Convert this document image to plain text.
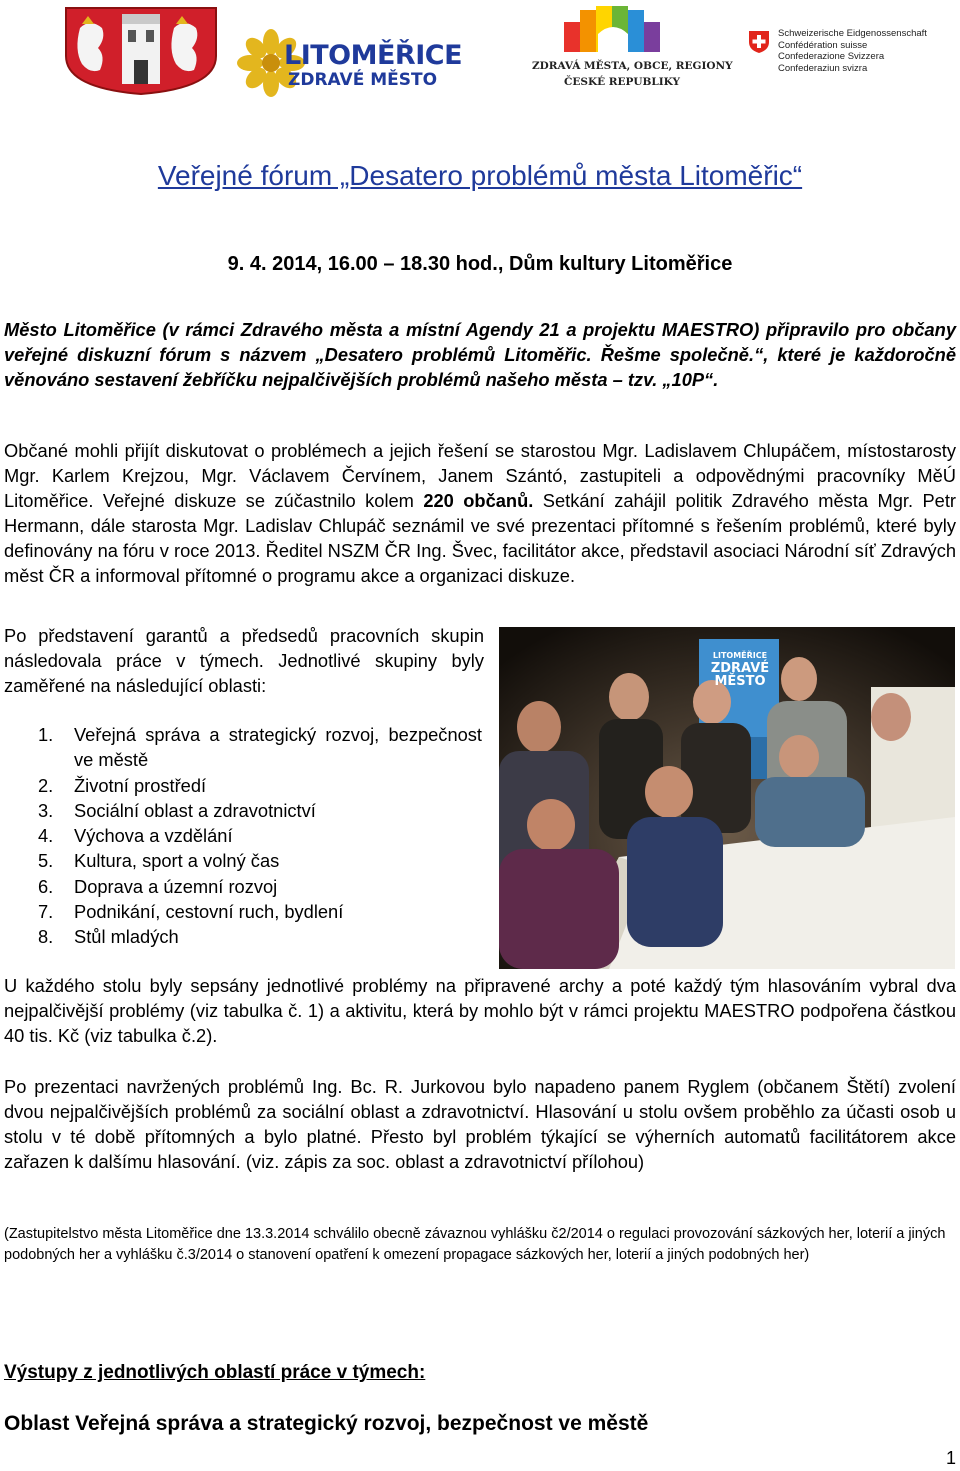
LITOMĚŘICE
ZDRAVÉ MĚSTO
ZDRAVÁ MĚSTA, OBCE, REGIONY
ČESKÉ REPUBLIKY
Schweizerische Eidgenossenschaft
Confédération suisse
Confederazione Svizzera
Confederaziun svizra
Veřejné fórum „Desatero problémů města Litoměřic“
9. 4. 2014, 16.00 – 18.30 hod., Dům kultury Litoměřice
Město Litoměřice (v rámci Zdravého města a místní Agendy 21 a projektu MAESTRO) připravilo pro občany veřejné diskuzní fórum s názvem „Desatero problémů Litoměřic. Řešme společně.“, které je každoročně věnováno sestavení žebříčku nejpalčivějších problémů našeho města – tzv. „10P“.
Občané mohli přijít diskutovat o problémech a jejich řešení se starostou Mgr. Ladislavem Chlupáčem, místostarosty Mgr. Karlem Krejzou, Mgr. Václavem Červínem, Janem Szántó, zastupiteli a odpovědnými pracovníky MěÚ Litoměřice. Veřejné diskuze se zúčastnilo kolem 220 občanů. Setkání zahájil politik Zdravého města Mgr. Petr Hermann, dále starosta Mgr. Ladislav Chlupáč seznámil ve své prezentaci přítomné s řešením problémů, které byly definovány na fóru v roce 2013. Ředitel NSZM ČR Ing. Švec, facilitátor akce, představil asociaci Národní síť Zdravých měst ČR a informoval přítomné o programu akce a organizaci diskuze.
Po představení garantů a předsedů pracovních skupin následovala práce v týmech. Jednotlivé skupiny byly zaměřené na následující oblasti:
1.	Veřejná správa a strategický rozvoj, bezpečnost ve městě
2.	Životní prostředí
3.	Sociální oblast a zdravotnictví
4.	Výchova a vzdělání
5.	Kultura, sport a volný čas
6.	Doprava a územní rozvoj
7.	Podnikání, cestovní ruch, bydlení
8.	Stůl mladých
LITOMĚŘICE
ZDRAVÉ
MĚSTO
U každého stolu byly sepsány jednotlivé problémy na připravené archy a poté každý tým hlasováním vybral dva nejpalčivější problémy (viz tabulka č. 1) a aktivitu, která by mohlo být v rámci projektu MAESTRO podpořena částkou 40 tis. Kč (viz tabulka č.2).
Po prezentaci navržených problémů Ing. Bc. R. Jurkovou bylo napadeno panem Ryglem (občanem Štětí) zvolení dvou nejpalčivějších problémů za sociální oblast a zdravotnictví. Hlasování u stolu ovšem proběhlo za účasti osob u stolu v té době přítomných a bylo platné. Přesto byl problém týkající se výherních automatů facilitátorem akce zařazen k dalšímu hlasování. (viz. zápis za soc. oblast a zdravotnictví přílohou)
(Zastupitelstvo města Litoměřice dne 13.3.2014 schválilo obecně závaznou vyhlášku č2/2014 o regulaci provozování sázkových her, loterií a jiných podobných her a vyhlášku č.3/2014 o stanovení opatření k omezení propagace sázkových her, loterií a jiných podobných her)
Výstupy z jednotlivých oblastí práce v týmech:
Oblast Veřejná správa a strategický rozvoj, bezpečnost ve městě
1
